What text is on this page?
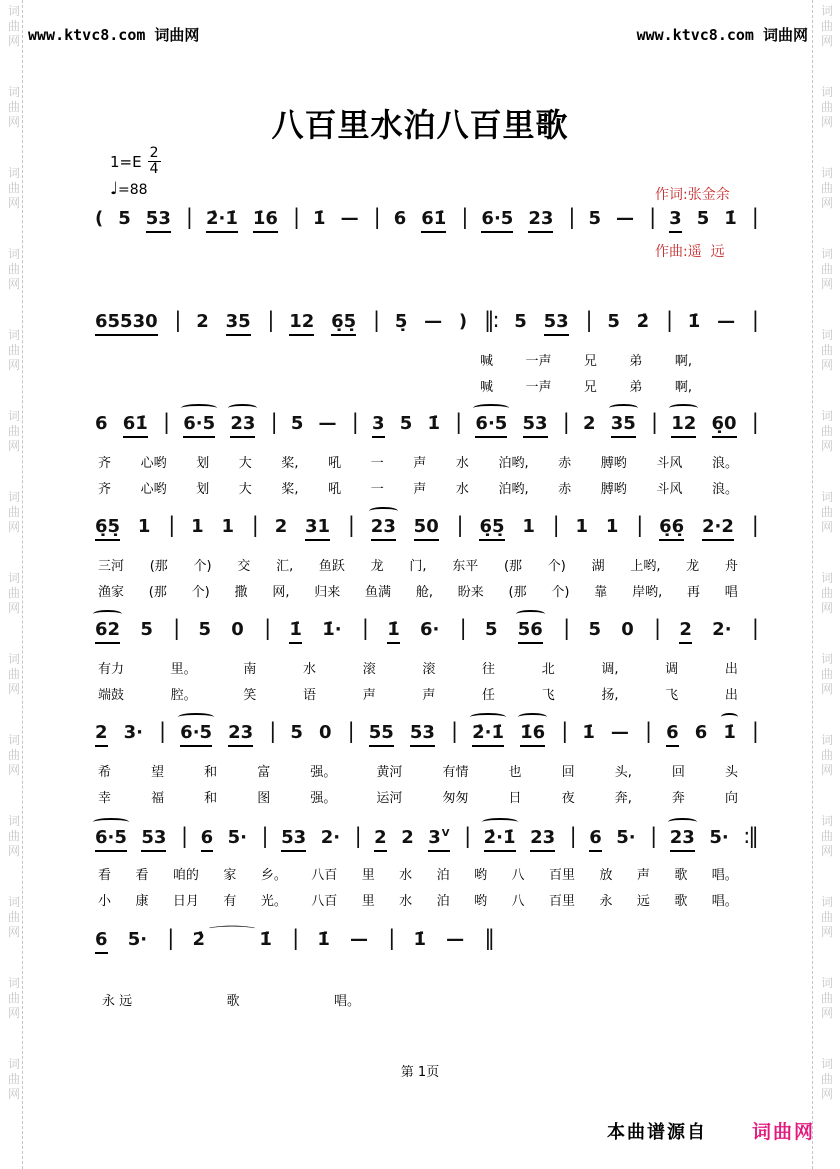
www.ktvc8.com 词曲网	www.ktvc8.com 词曲网
八百里水泊八百里歌
1=E 2
4
♩=88

	作词:张金余

作曲:遥  远

词
曲
网
词
曲
网
词
曲
网
词
曲
网
词
曲
网
词
曲
网
词
曲
网
词
曲
网
词
曲
网
词
曲
网
词
曲
网
词
曲
网
词
曲
网
词
曲
网
词
曲
网
词
曲
网
词
曲
网
词
曲
网
词
曲
网
词
曲
网
词
曲
网
词
曲
网
词
曲
网
词
曲
网
词
曲
网
词
曲
网
词
曲
网
词
曲
网
( 5 53 | 2̇·1̇ 1̇6 | 1̇ — | 6 61̇ | 6·5 23 | 5 — | 3 5 1̇ |
65530 | 2 35 | 12 6̣5̣ | 5̣ — ) ‖: 5 53 | 5 2̇ | 1̇ — |
喊 一声 兄 弟 啊,
喊 一声 兄 弟 啊,
6 61̇ | 6·5 23 | 5 — | 3 5 1̇ | 6·5 53 | 2 35 | 12 6̣0 |
齐 心哟 划 大 桨, 吼 一 声 水 泊哟, 赤 膊哟 斗风 浪。
齐 心哟 划 大 桨, 吼 一 声 水 泊哟, 赤 膊哟 斗风 浪。
6̣5̣ 1 | 1 1 | 2 31 | 23 50 | 6̣5̣ 1 | 1 1 | 6̣6̣ 2·2 |
三河 (那 个) 交 汇, 鱼跃 龙 门, 东平 (那 个) 湖 上哟, 龙 舟
渔家 (那 个) 撒 网, 归来 鱼满 舱, 盼来 (那 个) 靠 岸哟, 再 唱
62 5 | 5 0 | 1̇ 1̇· | 1̇ 6· | 5 56 | 5 0 | 2 2· |
有力	里。	南	水	滚	滚	往	北	调,	调	出
端鼓	腔。	笑	语	声	声	任	飞	扬,	飞	出
2 3· | 6·5 23 | 5 0 | 55 53 | 2̇·1̇ 1̇6 | 1̇ — | 6 6 1̇ |
希	望	和	富	强。	黄河	有情	也	回	头,	回	头
幸	福	和	图	强。	运河	匆匆	日	夜	奔,	奔	向
6·5 53 | 6 5· | 53 2· | 2 2 $3^V$ | 2̇·1̇ 23 | 6 5· | 23 5· :‖
看 看 咱的 家 乡。 八百 里 水 泊 哟 八 百里 放 声 歌 唱。
小 康 日月 有 光。 八百 里 水 泊 哟 八 百里 永 远 歌 唱。
6 5· | 2̇ ⌒ 1̇ | 1̇ — | 1̇ — ‖
永 远	歌	唱。
第 1页
本曲谱源自 词曲网
